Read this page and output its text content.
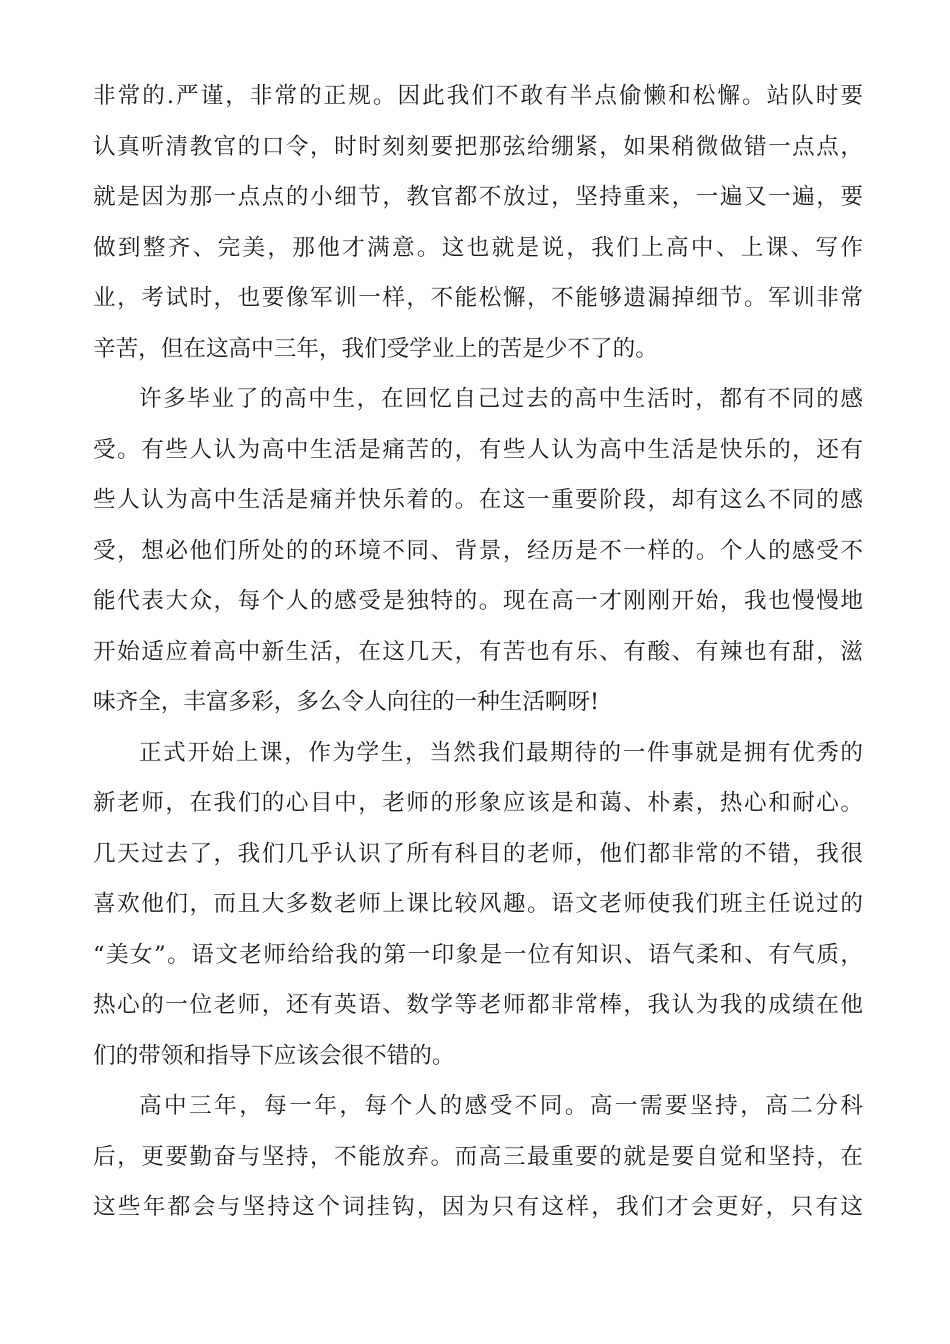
非常的.严谨，非常的正规。因此我们不敢有半点偷懒和松懈。站队时要
认真听清教官的口令，时时刻刻要把那弦给绷紧，如果稍微做错一点点，
就是因为那一点点的小细节，教官都不放过，坚持重来，一遍又一遍，要
做到整齐、完美，那他才满意。这也就是说，我们上高中、上课、写作
业，考试时，也要像军训一样，不能松懈，不能够遗漏掉细节。军训非常
辛苦，但在这高中三年，我们受学业上的苦是少不了的。
许多毕业了的高中生，在回忆自己过去的高中生活时，都有不同的感
受。有些人认为高中生活是痛苦的，有些人认为高中生活是快乐的，还有
些人认为高中生活是痛并快乐着的。在这一重要阶段，却有这么不同的感
受，想必他们所处的的环境不同、背景，经历是不一样的。个人的感受不
能代表大众，每个人的感受是独特的。现在高一才刚刚开始，我也慢慢地
开始适应着高中新生活，在这几天，有苦也有乐、有酸、有辣也有甜，滋
味齐全，丰富多彩，多么令人向往的一种生活啊呀!
正式开始上课，作为学生，当然我们最期待的一件事就是拥有优秀的
新老师，在我们的心目中，老师的形象应该是和蔼、朴素，热心和耐心。
几天过去了，我们几乎认识了所有科目的老师，他们都非常的不错，我很
喜欢他们，而且大多数老师上课比较风趣。语文老师使我们班主任说过的
“美女”。语文老师给给我的第一印象是一位有知识、语气柔和、有气质，
热心的一位老师，还有英语、数学等老师都非常棒，我认为我的成绩在他
们的带领和指导下应该会很不错的。
高中三年，每一年，每个人的感受不同。高一需要坚持，高二分科
后，更要勤奋与坚持，不能放弃。而高三最重要的就是要自觉和坚持，在
这些年都会与坚持这个词挂钩，因为只有这样，我们才会更好，只有这
